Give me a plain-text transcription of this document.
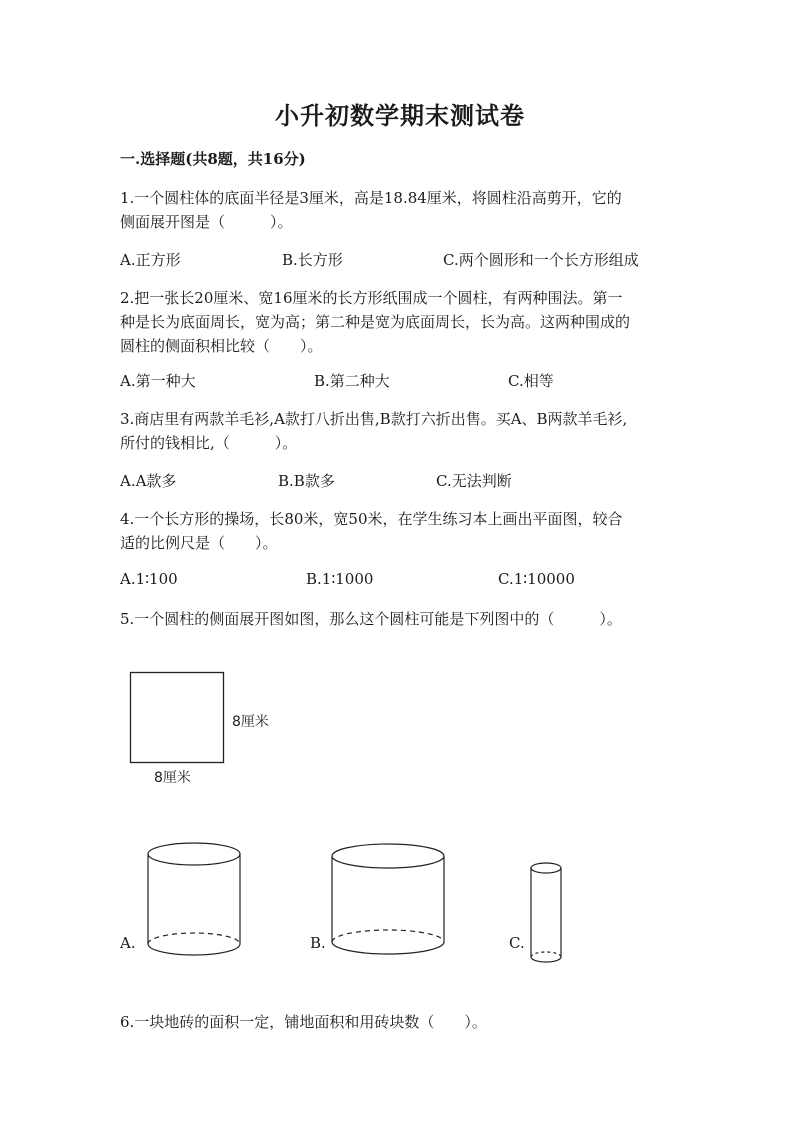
小升初数学期末测试卷
一.选择题(共8题，共16分)
1.一个圆柱体的底面半径是3厘米，高是18.84厘米，将圆柱沿高剪开，它的
侧面展开图是（　　　）。
A.正方形	B.长方形	C.两个圆形和一个长方形组成
2.把一张长20厘米、宽16厘米的长方形纸围成一个圆柱，有两种围法。第一
种是长为底面周长，宽为高；第二种是宽为底面周长，长为高。这两种围成的
圆柱的侧面积相比较（　　）。
A.第一种大	B.第二种大	C.相等
3.商店里有两款羊毛衫,A款打八折出售,B款打六折出售。买A、B两款羊毛衫,
所付的钱相比,（　　　）。
A.A款多	B.B款多	C.无法判断
4.一个长方形的操场，长80米，宽50米，在学生练习本上画出平面图，较合
适的比例尺是（　　）。
A.1∶100	B.1∶1000	C.1∶10000
5.一个圆柱的侧面展开图如图，那么这个圆柱可能是下列图中的（　　　）。
8厘米
8厘米
A.	B.	C.
6.一块地砖的面积一定，铺地面积和用砖块数（　　）。
